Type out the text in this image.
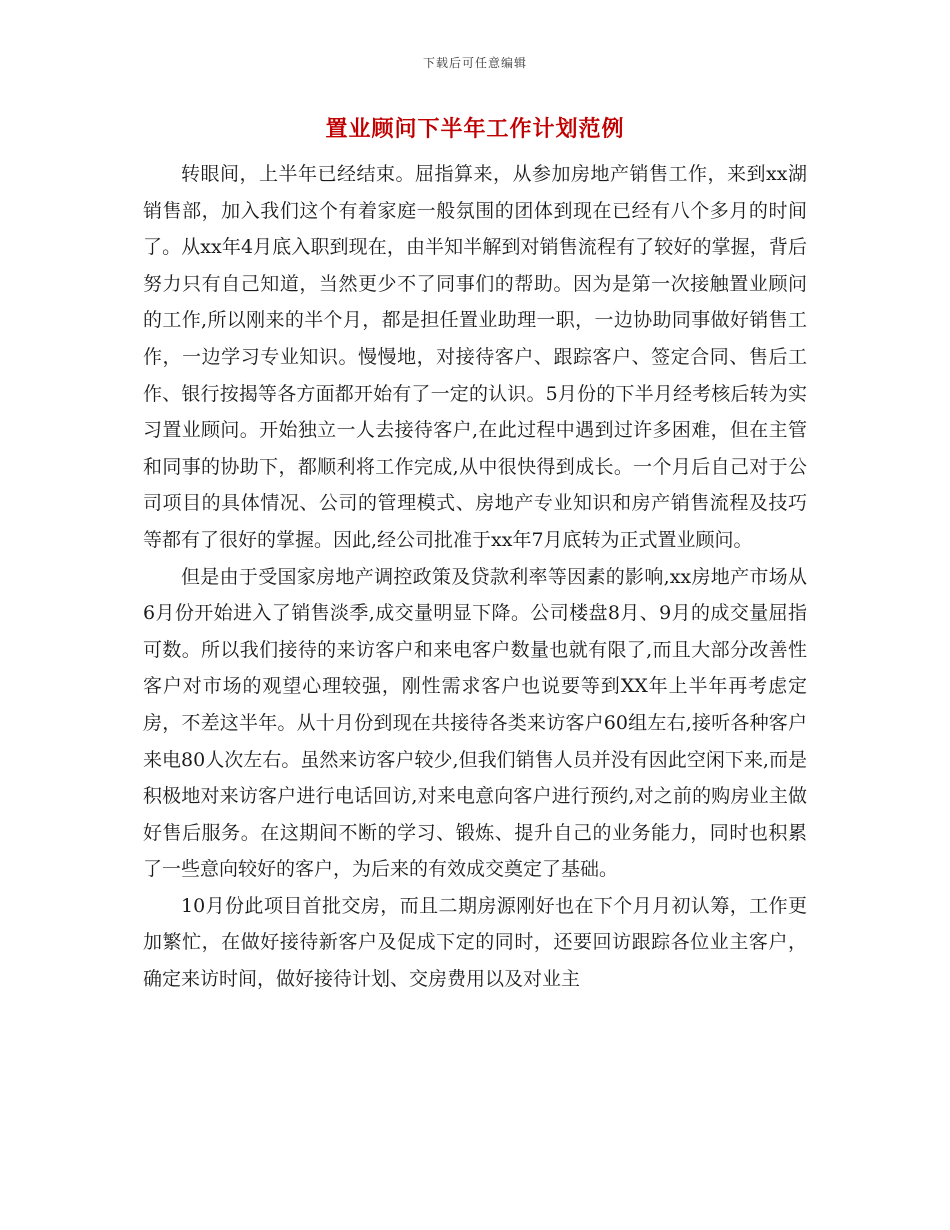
下载后可任意编辑
置业顾问下半年工作计划范例

转眼间，上半年已经结束。屈指算来，从参加房地产销售工作，来到xx湖销售部，加入我们这个有着家庭一般氛围的团体到现在已经有八个多月的时间了。从xx年4月底入职到现在，由半知半解到对销售流程有了较好的掌握，背后努力只有自己知道，当然更少不了同事们的帮助。因为是第一次接触置业顾问的工作,所以刚来的半个月，都是担任置业助理一职，一边协助同事做好销售工作，一边学习专业知识。慢慢地，对接待客户、跟踪客户、签定合同、售后工作、银行按揭等各方面都开始有了一定的认识。5月份的下半月经考核后转为实习置业顾问。开始独立一人去接待客户,在此过程中遇到过许多困难，但在主管和同事的协助下，都顺利将工作完成,从中很快得到成长。一个月后自己对于公司项目的具体情况、公司的管理模式、房地产专业知识和房产销售流程及技巧等都有了很好的掌握。因此,经公司批准于xx年7月底转为正式置业顾问。

但是由于受国家房地产调控政策及贷款利率等因素的影响,xx房地产市场从6月份开始进入了销售淡季,成交量明显下降。公司楼盘8月、9月的成交量屈指可数。所以我们接待的来访客户和来电客户数量也就有限了,而且大部分改善性客户对市场的观望心理较强，刚性需求客户也说要等到XX年上半年再考虑定房，不差这半年。从十月份到现在共接待各类来访客户60组左右,接听各种客户来电80人次左右。虽然来访客户较少,但我们销售人员并没有因此空闲下来,而是积极地对来访客户进行电话回访,对来电意向客户进行预约,对之前的购房业主做好售后服务。在这期间不断的学习、锻炼、提升自己的业务能力，同时也积累了一些意向较好的客户，为后来的有效成交奠定了基础。

10月份此项目首批交房，而且二期房源刚好也在下个月月初认筹，工作更加繁忙，在做好接待新客户及促成下定的同时，还要回访跟踪各位业主客户，确定来访时间，做好接待计划、交房费用以及对业主
